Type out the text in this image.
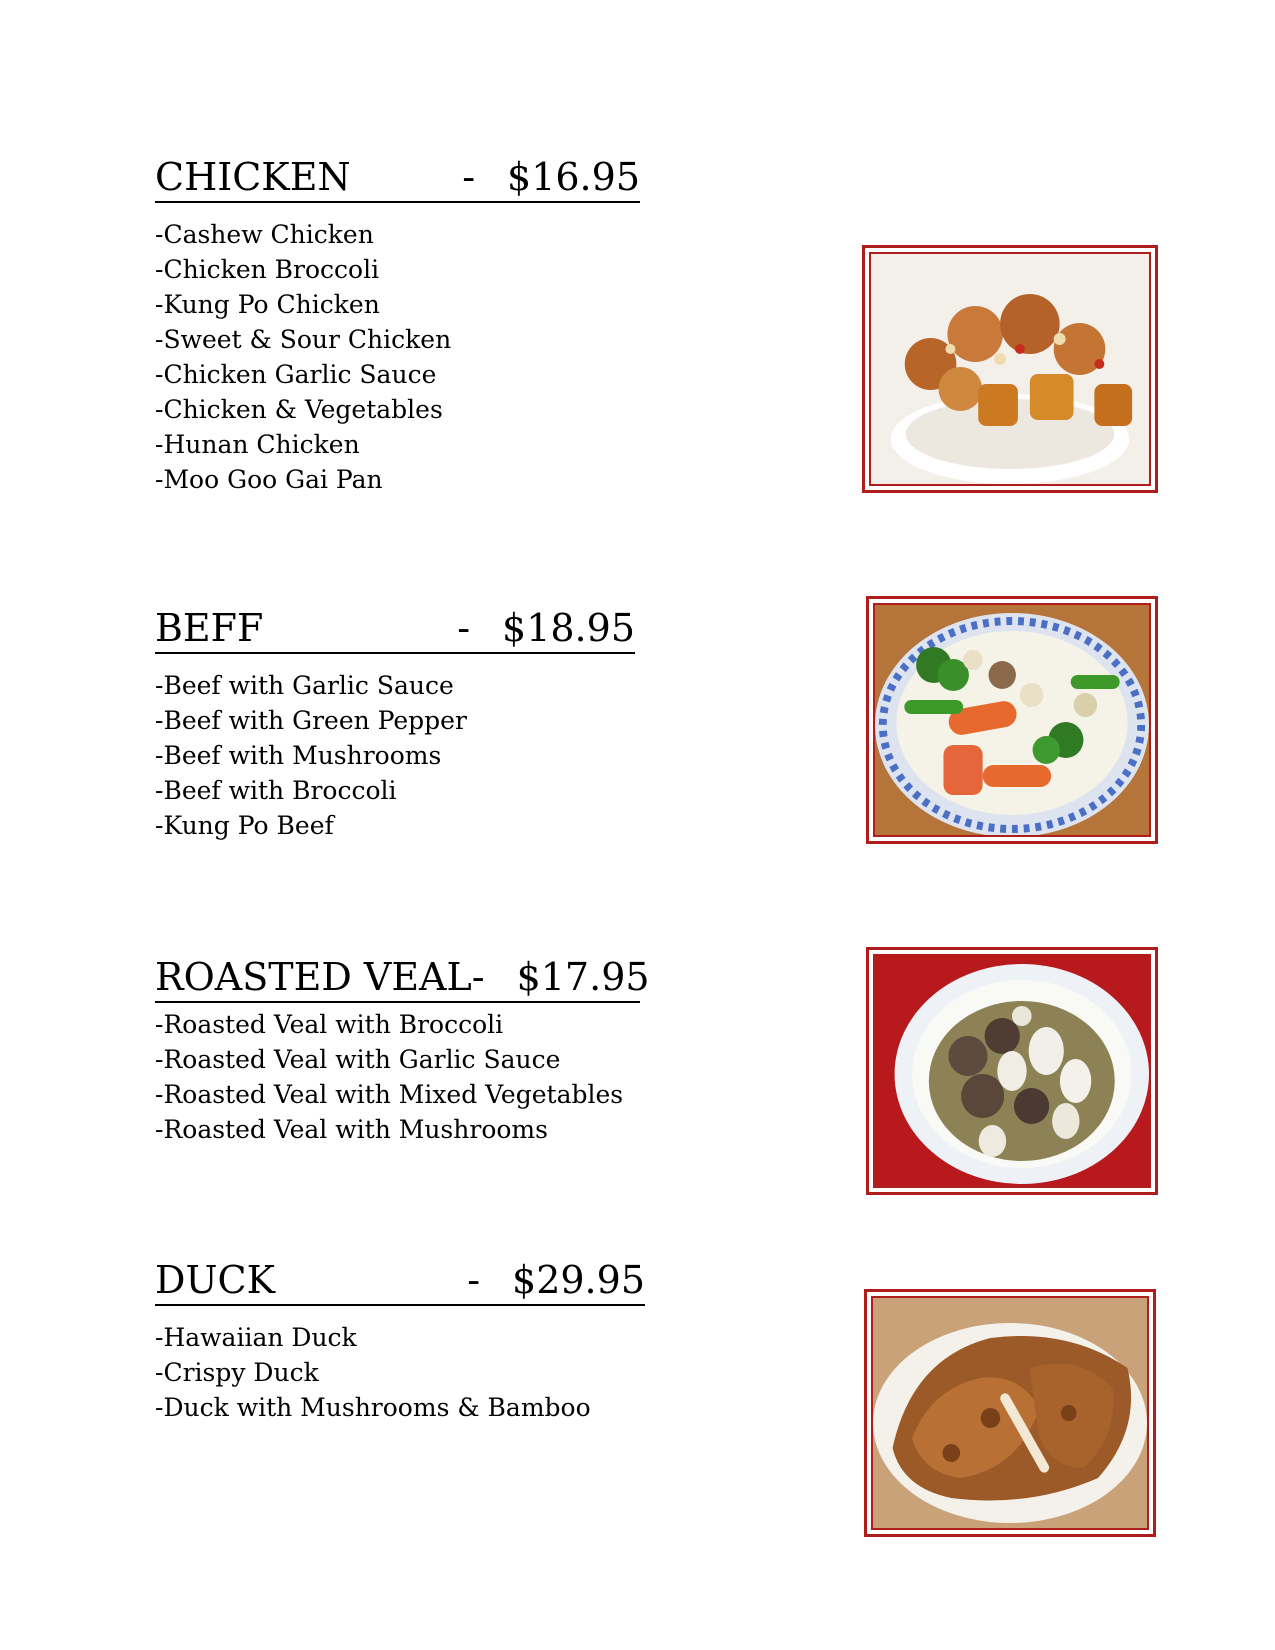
CHICKEN	- $16.95
-Cashew Chicken
-Chicken Broccoli
-Kung Po Chicken
-Sweet & Sour Chicken
-Chicken Garlic Sauce
-Chicken & Vegetables
-Hunan Chicken
-Moo Goo Gai Pan
BEFF	- $18.95
-Beef with Garlic Sauce
-Beef with Green Pepper
-Beef with Mushrooms
-Beef with Broccoli
-Kung Po Beef
ROASTED VEAL - $17.95
-Roasted Veal with Broccoli
-Roasted Veal with Garlic Sauce
-Roasted Veal with Mixed Vegetables
-Roasted Veal with Mushrooms
DUCK	- $29.95
-Hawaiian Duck
-Crispy Duck
-Duck with Mushrooms & Bamboo
